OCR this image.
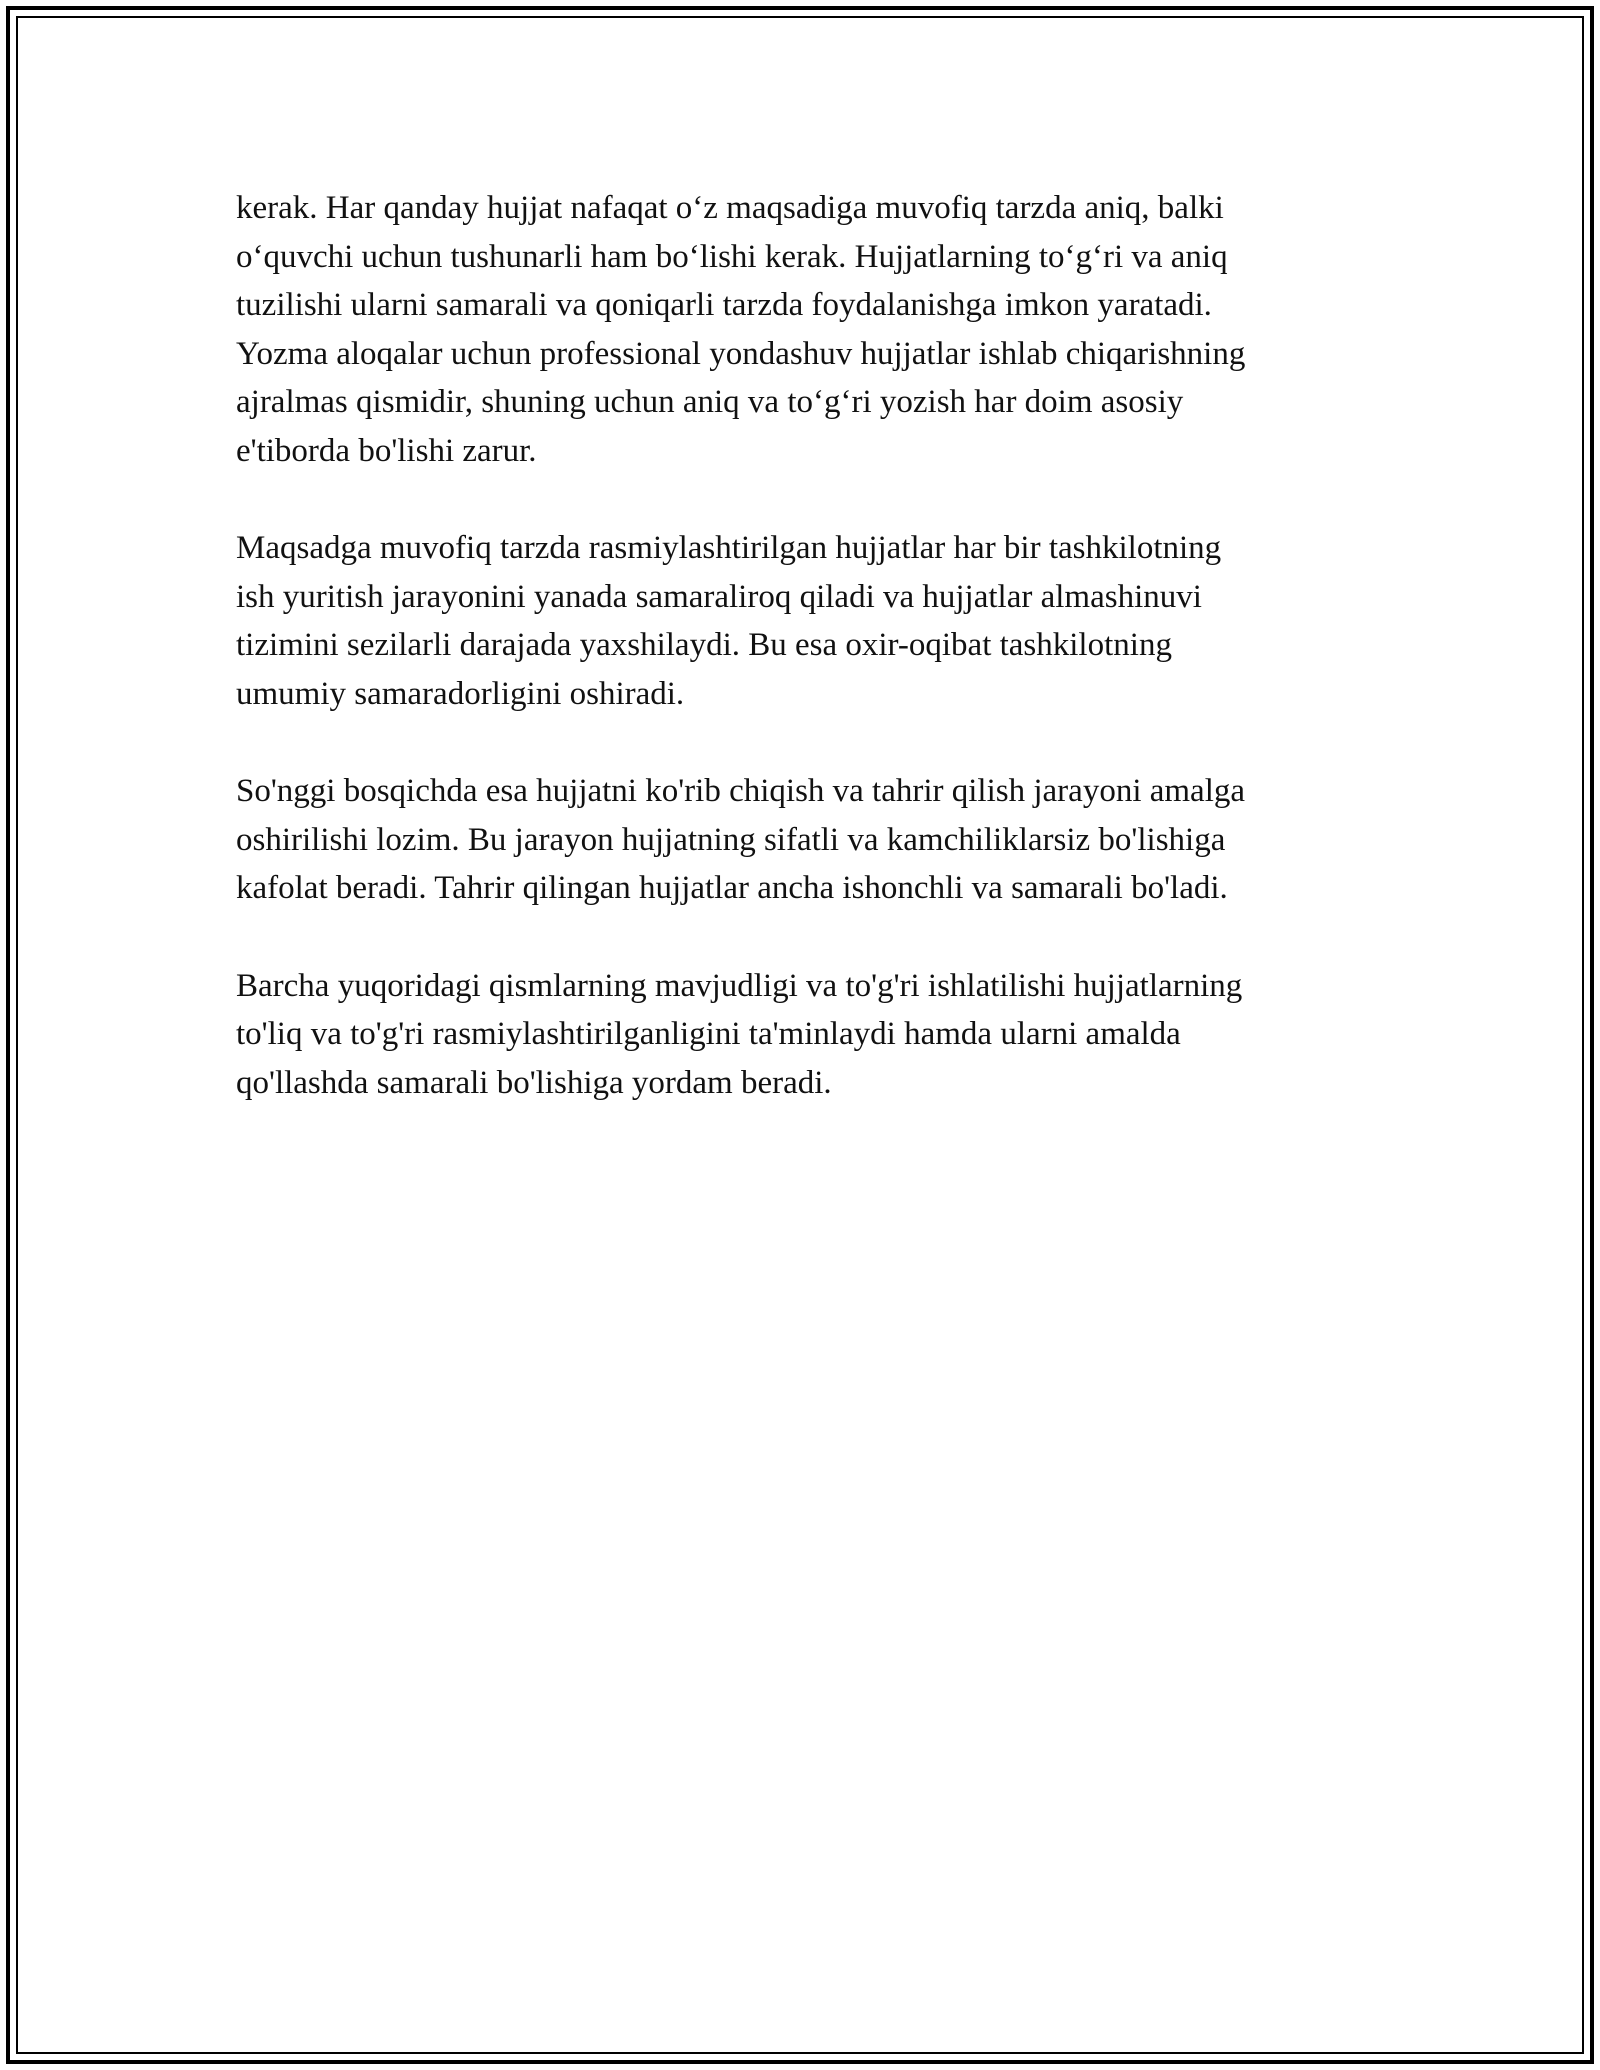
kerak. Har qanday hujjat nafaqat o‘z maqsadiga muvofiq tarzda aniq, balki
o‘quvchi uchun tushunarli ham bo‘lishi kerak. Hujjatlarning to‘g‘ri va aniq
tuzilishi ularni samarali va qoniqarli tarzda foydalanishga imkon yaratadi.
Yozma aloqalar uchun professional yondashuv hujjatlar ishlab chiqarishning
ajralmas qismidir, shuning uchun aniq va to‘g‘ri yozish har doim asosiy
e'tiborda bo'lishi zarur.

Maqsadga muvofiq tarzda rasmiylashtirilgan hujjatlar har bir tashkilotning
ish yuritish jarayonini yanada samaraliroq qiladi va hujjatlar almashinuvi
tizimini sezilarli darajada yaxshilaydi. Bu esa oxir-oqibat tashkilotning
umumiy samaradorligini oshiradi.

So'nggi bosqichda esa hujjatni ko'rib chiqish va tahrir qilish jarayoni amalga
oshirilishi lozim. Bu jarayon hujjatning sifatli va kamchiliklarsiz bo'lishiga
kafolat beradi. Tahrir qilingan hujjatlar ancha ishonchli va samarali bo'ladi.

Barcha yuqoridagi qismlarning mavjudligi va to'g'ri ishlatilishi hujjatlarning
to'liq va to'g'ri rasmiylashtirilganligini ta'minlaydi hamda ularni amalda
qo'llashda samarali bo'lishiga yordam beradi.
